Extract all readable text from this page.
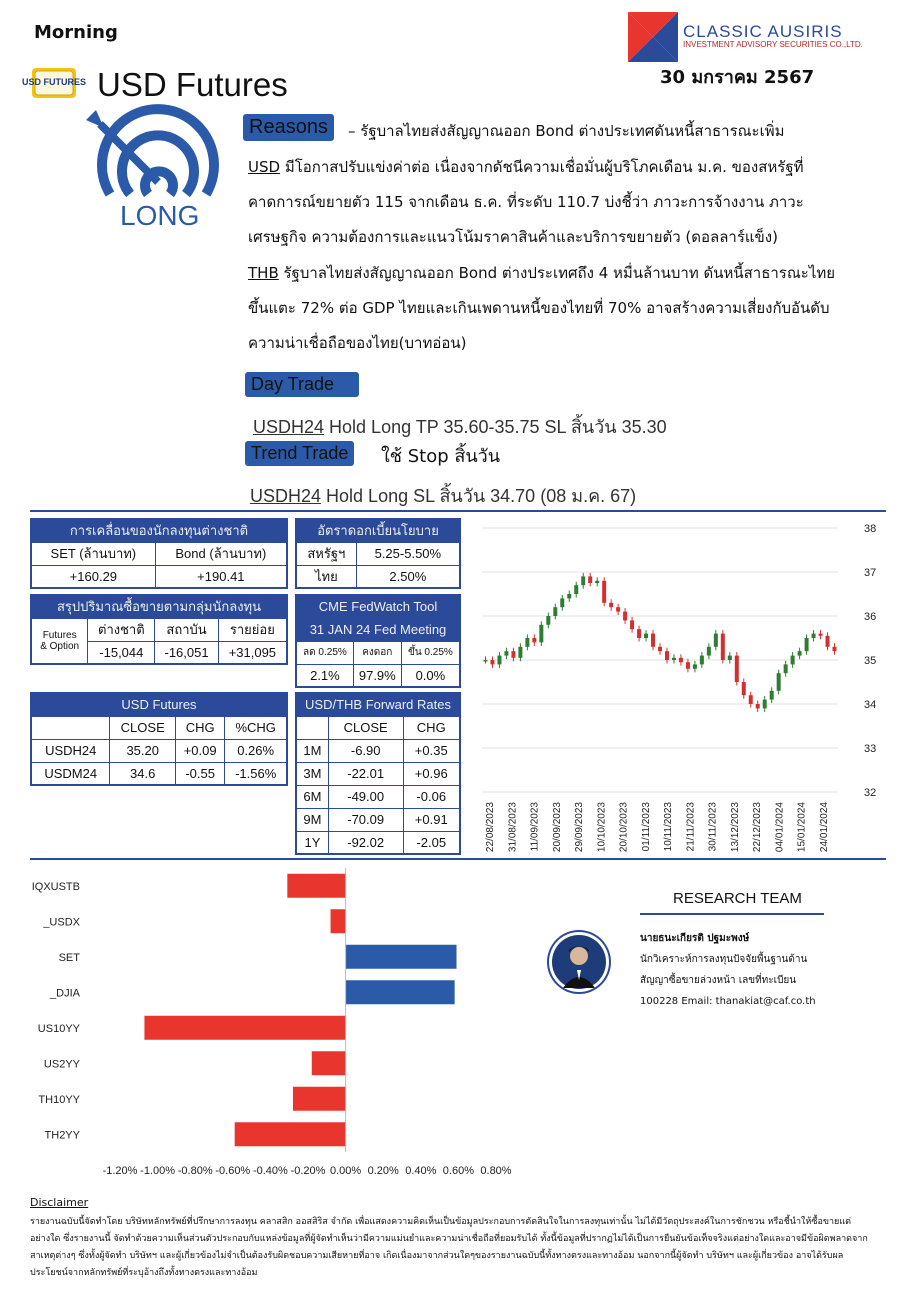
Morning	CLASSIC AUSIRIS
INVESTMENT ADVISORY SECURITIES CO.,LTD.
30 มกราคม 2567
USD FUTURES USD Futures
LONG
Reasons	– รัฐบาลไทยส่งสัญญาณออก Bond ต่างประเทศดันหนี้สาธารณะเพิ่ม
USD มีโอกาสปรับแข่งค่าต่อ เนื่องจากดัชนีความเชื่อมั่นผู้บริโภคเดือน ม.ค. ของสหรัฐที่
คาดการณ์ขยายตัว 115 จากเดือน ธ.ค. ที่ระดับ 110.7 บ่งชี้ว่า ภาวะการจ้างงาน ภาวะ
เศรษฐกิจ ความต้องการและแนวโน้มราคาสินค้าและบริการขยายตัว (ดอลลาร์แข็ง)
THB รัฐบาลไทยส่งสัญญาณออก Bond ต่างประเทศถึง 4 หมื่นล้านบาท ดันหนี้สาธารณะไทย
ขึ้นแตะ 72% ต่อ GDP ไทยและเกินเพดานหนี้ของไทยที่ 70% อาจสร้างความเสี่ยงกับอันดับ
ความน่าเชื่อถือของไทย(บาทอ่อน)
Day Trade
USDH24 Hold Long TP 35.60-35.75 SL สิ้นวัน 35.30
Trend Trade	ใช้ Stop สิ้นวัน
USDH24 Hold Long SL สิ้นวัน 34.70 (08 ม.ค. 67)
การเคลื่อนของนักลงทุนต่างชาติ	
SET (ล้านบาท)	Bond (ล้านบาท)
+160.29	+190.41
อัตราดอกเบี้ยนโยบาย	
สหรัฐฯ	5.25-5.50%
ไทย	2.50%
สรุปปริมาณซื้อขายตามกลุ่มนักลงทุน			

Futures
& Option	ต่างชาติ	สถาบัน	รายย่อย
	-15,044	-16,051	+31,095
CME FedWatch Tool		
31 JAN 24 Fed Meeting		
ลด 0.25%	คงดอก	ขึ้น 0.25%
2.1%	97.9%	0.0%
USD Futures			
	CLOSE	CHG	%CHG
USDH24	35.20	+0.09	0.26%
USDM24	34.6	-0.55	-1.56%
USD/THB Forward Rates		
	CLOSE	CHG
1M	-6.90	+0.35
3M	-22.01	+0.96
6M	-49.00	-0.06
9M	-70.09	+0.91
1Y	-92.02	-2.05
38
37
36
35
34
33
32
22/08/2023 31/08/2023 11/09/2023 20/09/2023 29/09/2023 10/10/2023 20/10/2023 01/11/2023 10/11/2023 21/11/2023 30/11/2023 13/12/2023 22/12/2023 04/01/2024 15/01/2024 24/01/2024
IQXUSTB
_USDX
SET
_DJIA
US10YY
US2YY
TH10YY
TH2YY
-1.20% -1.00% -0.80% -0.60% -0.40% -0.20% 0.00% 0.20% 0.40% 0.60% 0.80%
RESEARCH TEAM
นายธนะเกียรติ ปฐมะพงษ์
นักวิเคราะห์การลงทุนปัจจัยพื้นฐานด้าน
สัญญาซื้อขายล่วงหน้า เลขที่ทะเบียน
100228 Email: thanakiat@caf.co.th
Disclaimer
รายงานฉบับนี้จัดทำโดย บริษัทหลักทรัพย์ที่ปรึกษาการลงทุน คลาสสิก ออสสิริส จำกัด เพื่อแสดงความคิดเห็นเป็นข้อมูลประกอบการตัดสินใจในการลงทุนเท่านั้น ไม่ได้มีวัตถุประสงค์ในการชักชวน หรือชี้นำให้ซื้อขายแต่อย่างใด ซึ่งรายงานนี้ จัดทำด้วยความเห็นส่วนตัวประกอบกับแหล่งข้อมูลที่ผู้จัดทำเห็นว่ามีความแม่นยำและความน่าเชื่อถือที่ยอมรับได้ ทั้งนี้ข้อมูลที่ปรากฏไม่ได้เป็นการยืนยันข้อเท็จจริงแต่อย่างใดและอาจมีข้อผิดพลาดจากสาเหตุต่างๆ ซึ่งทั้งผู้จัดทำ บริษัทฯ และผู้เกี่ยวข้องไม่จำเป็นต้องรับผิดชอบความเสียหายที่อาจ เกิดเนื่องมาจากส่วนใดๆของรายงานฉบับนี้ทั้งทางตรงและทางอ้อม นอกจากนี้ผู้จัดทำ บริษัทฯ และผู้เกี่ยวข้อง อาจได้รับผลประโยชน์จากหลักทรัพย์ที่ระบุอ้างถึงทั้งทางตรงและทางอ้อม
